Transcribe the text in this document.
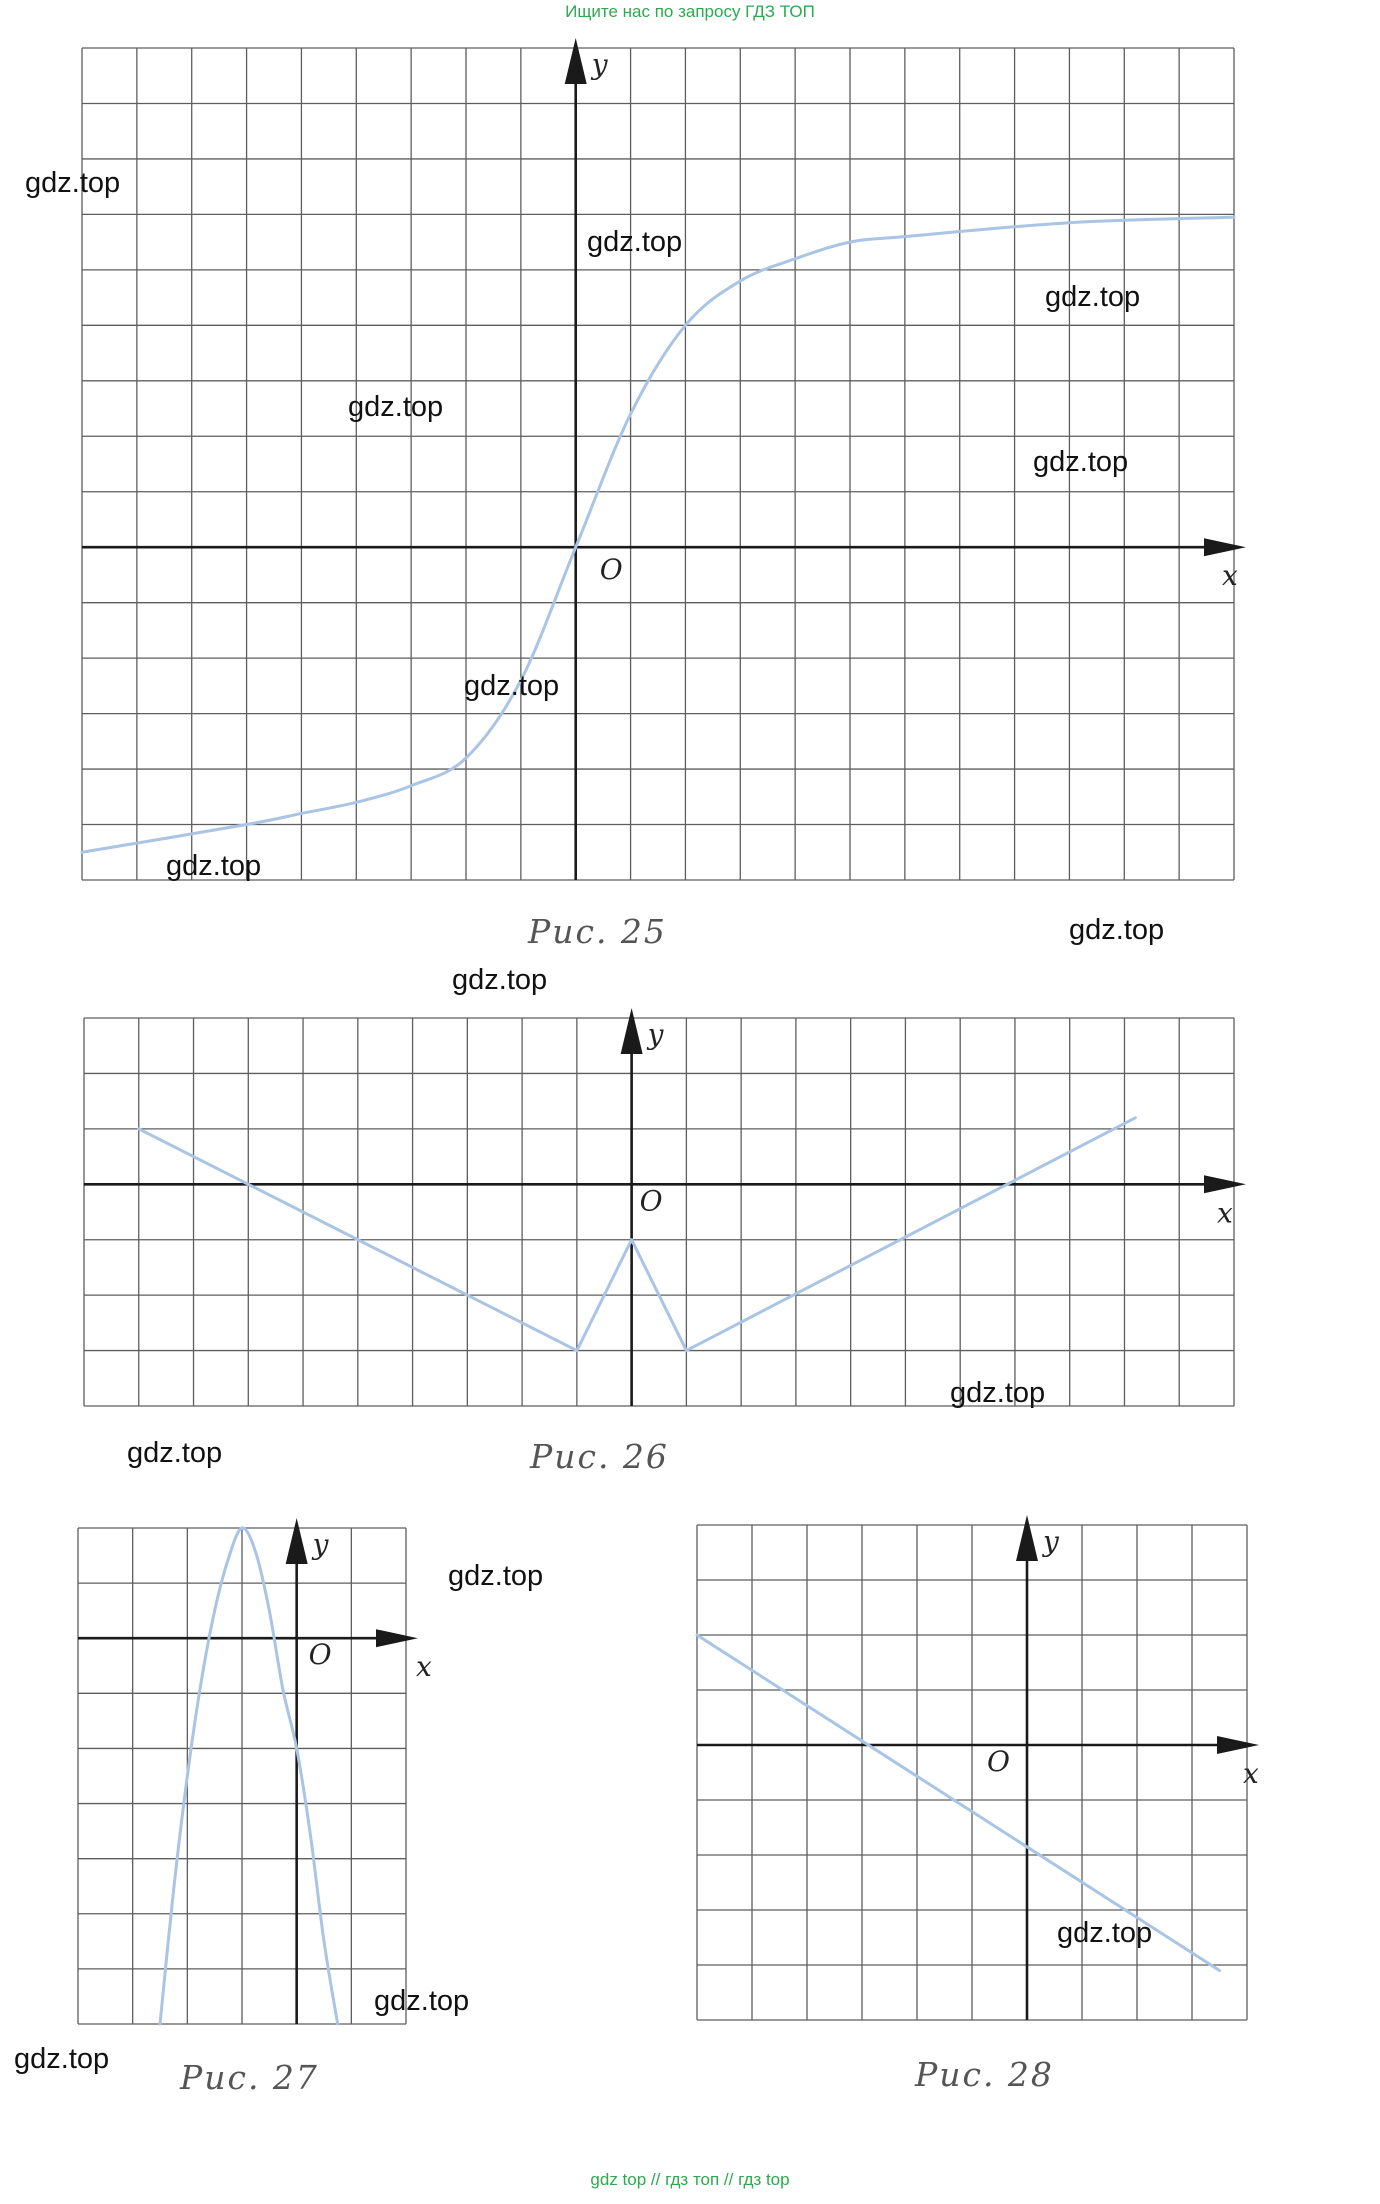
Ищите нас по запросу ГДЗ ТОП
x
y
O
Рис. 25
x
y
O
Рис. 26
x
y
O
Рис. 27
x
y
O
Рис. 28
gdz.top
gdz.top
gdz.top
gdz.top
gdz.top
gdz.top
gdz.top
gdz.top
gdz.top
gdz.top
gdz.top
gdz.top
gdz.top
gdz.top
gdz.top
gdz top // гдз топ // гдз top
